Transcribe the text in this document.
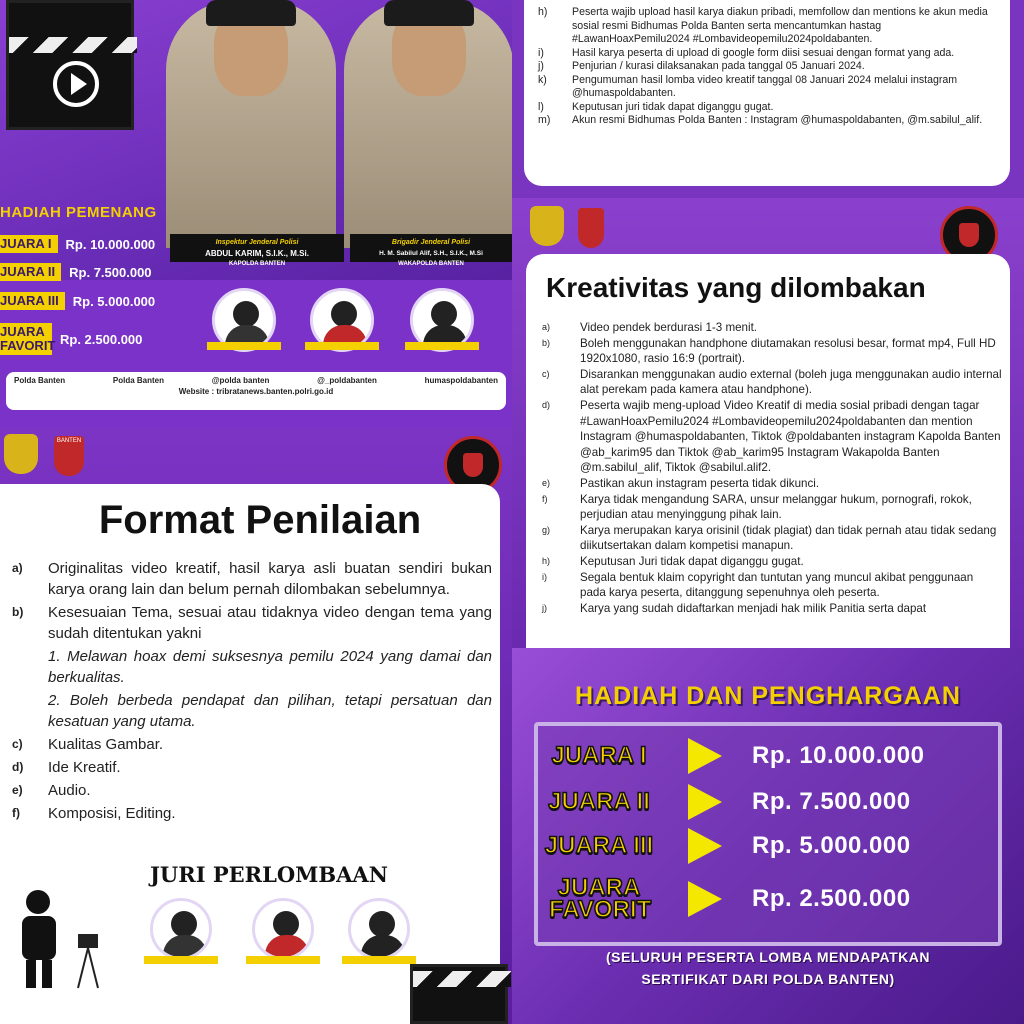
Inspektur Jenderal Polisi
ABDUL KARIM, S.I.K., M.Si.
KAPOLDA BANTEN
Brigadir Jenderal Polisi
H. M. Sabilul Alif, S.H., S.I.K., M.Si
WAKAPOLDA BANTEN
HADIAH PEMENANG
JUARA I	Rp. 10.000.000
JUARA II	Rp. 7.500.000
JUARA III	Rp. 5.000.000
JUARA FAVORIT Rp. 2.500.000
Polda Banten	Polda Banten	@polda banten	@_poldabanten	humaspoldabanten
Website : tribratanews.banten.polri.go.id
h)	Peserta wajib upload hasil karya diakun pribadi, memfollow dan mentions ke akun media sosial resmi Bidhumas Polda Banten serta mencantumkan hastag #LawanHoaxPemilu2024 #Lombavideopemilu2024poldabanten.
i)	Hasil karya peserta di upload di google form diisi sesuai dengan format yang ada.
j)	Penjurian / kurasi dilaksanakan pada tanggal 05 Januari 2024.
k)	Pengumuman hasil lomba video kreatif tanggal 08 Januari 2024 melalui instagram @humaspoldabanten.
l)	Keputusan juri tidak dapat diganggu gugat.
m)	Akun resmi Bidhumas Polda Banten : Instagram @humaspoldabanten, @m.sabilul_alif.
BANTEN
Format Penilaian
a)	Originalitas video kreatif, hasil karya asli buatan sendiri bukan karya orang lain dan belum pernah dilombakan sebelumnya.
b)	Kesesuaian Tema, sesuai atau tidaknya video dengan tema yang sudah ditentukan yakni
1. Melawan hoax demi suksesnya pemilu 2024 yang damai dan berkualitas.
2. Boleh berbeda pendapat dan pilihan, tetapi persatuan dan kesatuan yang utama.
c)	Kualitas Gambar.
d)	Ide Kreatif.
e)	Audio.
f)	Komposisi, Editing.
JURI PERLOMBAAN
Kreativitas yang dilombakan
a)	Video pendek berdurasi 1-3 menit.
b)	Boleh menggunakan handphone diutamakan resolusi besar, format mp4, Full HD 1920x1080, rasio 16:9 (portrait).
c)	Disarankan menggunakan audio external (boleh juga menggunakan audio internal alat perekam pada kamera atau handphone).
d)	Peserta wajib meng-upload Video Kreatif di media sosial pribadi dengan tagar #LawanHoaxPemilu2024 #Lombavideopemilu2024poldabanten dan mention Instagram @humaspoldabanten, Tiktok @poldabanten instagram Kapolda Banten @ab_karim95 dan Tiktok @ab_karim95 Instagram Wakapolda Banten @m.sabilul_alif, Tiktok @sabilul.alif2.
e)	Pastikan akun instagram peserta tidak dikunci.
f)	Karya tidak mengandung SARA, unsur melanggar hukum, pornografi, rokok, perjudian atau menyinggung pihak lain.
g)	Karya merupakan karya orisinil (tidak plagiat) dan tidak pernah atau tidak sedang diikutsertakan dalam kompetisi manapun.
h)	Keputusan Juri tidak dapat diganggu gugat.
i)	Segala bentuk klaim copyright dan tuntutan yang muncul akibat penggunaan pada karya peserta, ditanggung sepenuhnya oleh peserta.
j)	Karya yang sudah didaftarkan menjadi hak milik Panitia serta dapat
HADIAH DAN PENGHARGAAN
JUARA I	Rp. 10.000.000
JUARA II	Rp. 7.500.000
JUARA III	Rp. 5.000.000
JUARA FAVORIT	Rp. 2.500.000
(SELURUH PESERTA LOMBA MENDAPATKAN
SERTIFIKAT DARI POLDA BANTEN)
